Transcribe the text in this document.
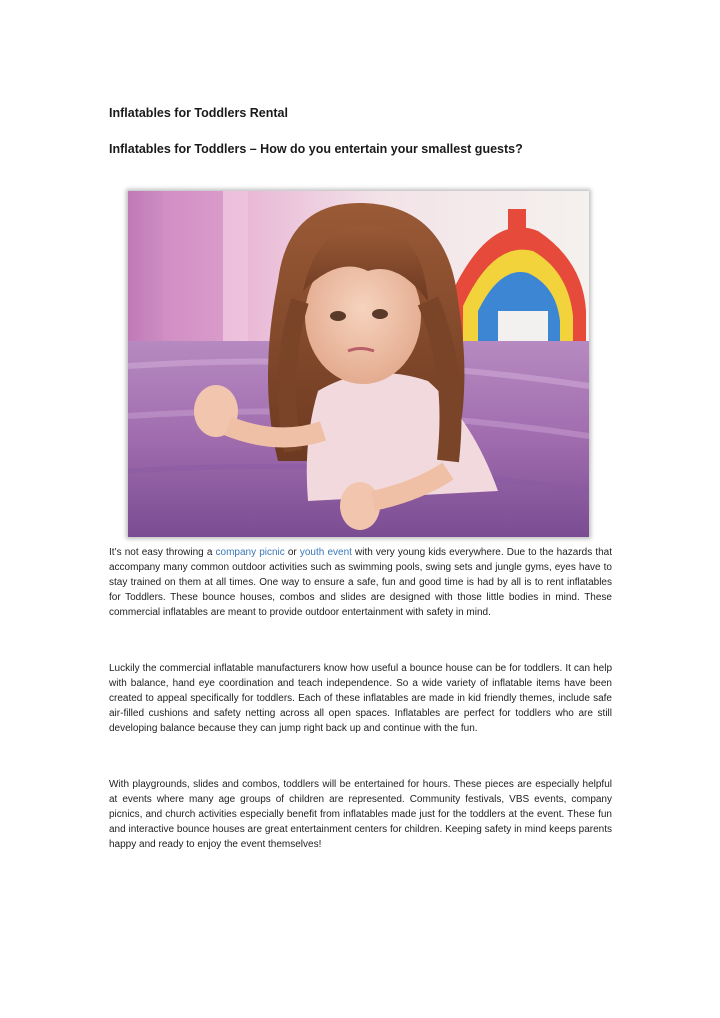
Inflatables for Toddlers Rental
Inflatables for Toddlers – How do you entertain your smallest guests?

It’s not easy throwing a company picnic or youth event with very young kids everywhere. Due to the hazards that accompany many common outdoor activities such as swimming pools, swing sets and jungle gyms, eyes have to stay trained on them at all times. One way to ensure a safe, fun and good time is had by all is to rent inflatables for Toddlers. These bounce houses, combos and slides are designed with those little bodies in mind. These commercial inflatables are meant to provide outdoor entertainment with safety in mind.

Luckily the commercial inflatable manufacturers know how useful a bounce house can be for toddlers. It can help with balance, hand eye coordination and teach independence. So a wide variety of inflatable items have been created to appeal specifically for toddlers. Each of these inflatables are made in kid friendly themes, include safe air-filled cushions and safety netting across all open spaces. Inflatables are perfect for toddlers who are still developing balance because they can jump right back up and continue with the fun.

With playgrounds, slides and combos, toddlers will be entertained for hours. These pieces are especially helpful at events where many age groups of children are represented. Community festivals, VBS events, company picnics, and church activities especially benefit from inflatables made just for the toddlers at the event. These fun and interactive bounce houses are great entertainment centers for children. Keeping safety in mind keeps parents happy and ready to enjoy the event themselves!
